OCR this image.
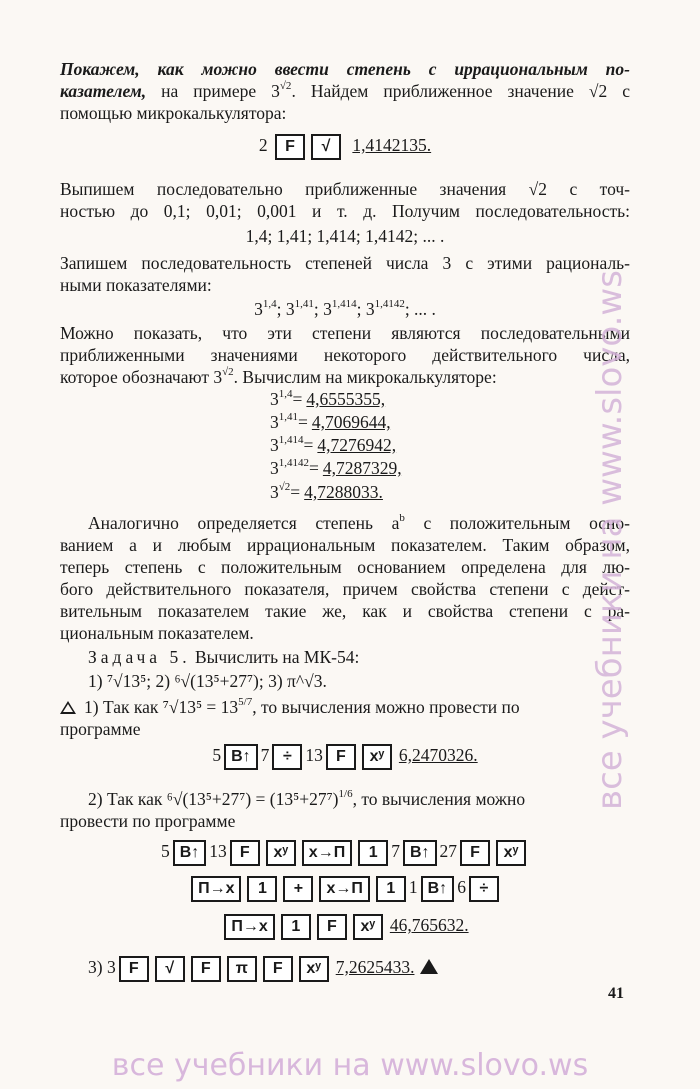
Покажем, как можно ввести степень с иррациональным по-
казателем, на примере $3^{√2}$. Найдем приближенное значение √2 с
помощью микрокалькулятора:
2 F √ 1,4142135.
Выпишем последовательно приближенные значения √2 с точ-
ностью до 0,1; 0,01; 0,001 и т. д. Получим последовательность:
1,4; 1,41; 1,414; 1,4142; ... .
Запишем последовательность степеней числа 3 с этими рациональ-
ными показателями:
3$^{1,4}$; 3$^{1,41}$; 3$^{1,414}$; $3^{1,4142}$; ... .
Можно показать, что эти степени являются последовательными
приближенными значениями некоторого действительного числа,
которое обозначают $3^{√2}$. Вычислим на микрокалькуляторе:
$3^{1,4}= 4,6555355$,
$3^{1,41}= 4,7069644$,
$3^{1,414}= 4,7276942$,
$3^{1,4142}= 4,7287329$,
$3^{√2}= 4,7288033$.
Аналогично определяется степень $a^b$ с положительным осно-
ванием a и любым иррациональным показателем. Таким образом,
теперь степень с положительным основанием определена для лю-
бого действительного показателя, причем свойства степени с дейст-
вительным показателем такие же, как и свойства степени с ра-
циональным показателем.
Задача 5. Вычислить на МК-54:
1) ⁷√13⁵; 2) ⁶√(13⁵+27⁷); 3) π^√3.
1) Так как $^7√13^5 = 13^{5/7}$, то вычисления можно провести по
программе
5 B↑ 7 ÷ 13 F xʸ 6,2470326.
2) Так как $^6√(13^5+27^7) = (13^5+27^7)^{1/6}$, то вычисления можно
провести по программе
5 B↑ 13 F xʸ x→П 1 7 B↑ 27 F xʸ
П→x 1 + x→П 1 1 B↑ 6 ÷
П→x 1 F xʸ 46,765632.
3) 3 F √ F π F xʸ 7,2625433.
41
все учебники на www.slovo.ws
все учебники на www.slovo.ws
